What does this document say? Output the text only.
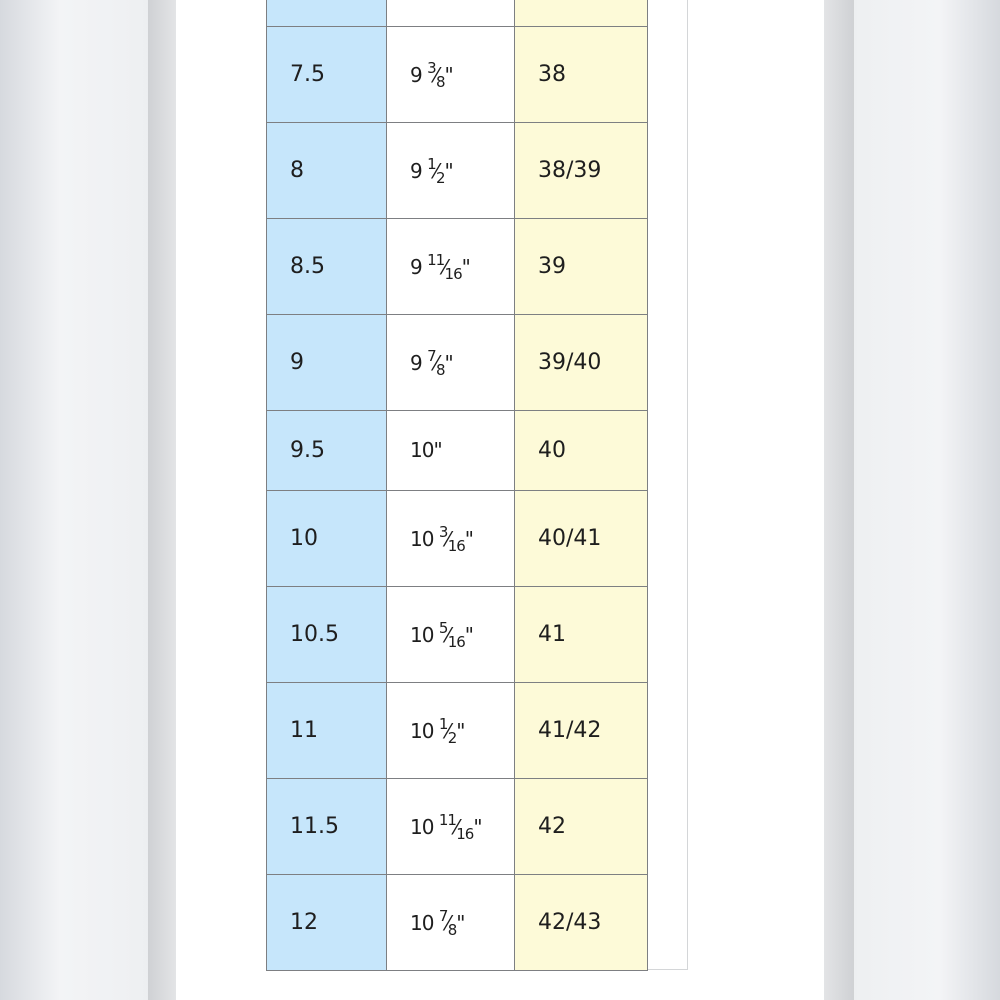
7.5	9 $^3⁄_8$"	38
8	9 $^1⁄_2$"	38/39
8.5	9 $^{11}⁄_{16}$"	39
9	9 $^7⁄_8$"	39/40
9.5	10"	40
10	10 $^3⁄_{16}$"	40/41
10.5	10 $^5⁄_{16}$"	41
11	10 $^1⁄_2$"	41/42
11.5	10 $^{11}⁄_{16}$"	42
12	10 $^7⁄_8$"	42/43
